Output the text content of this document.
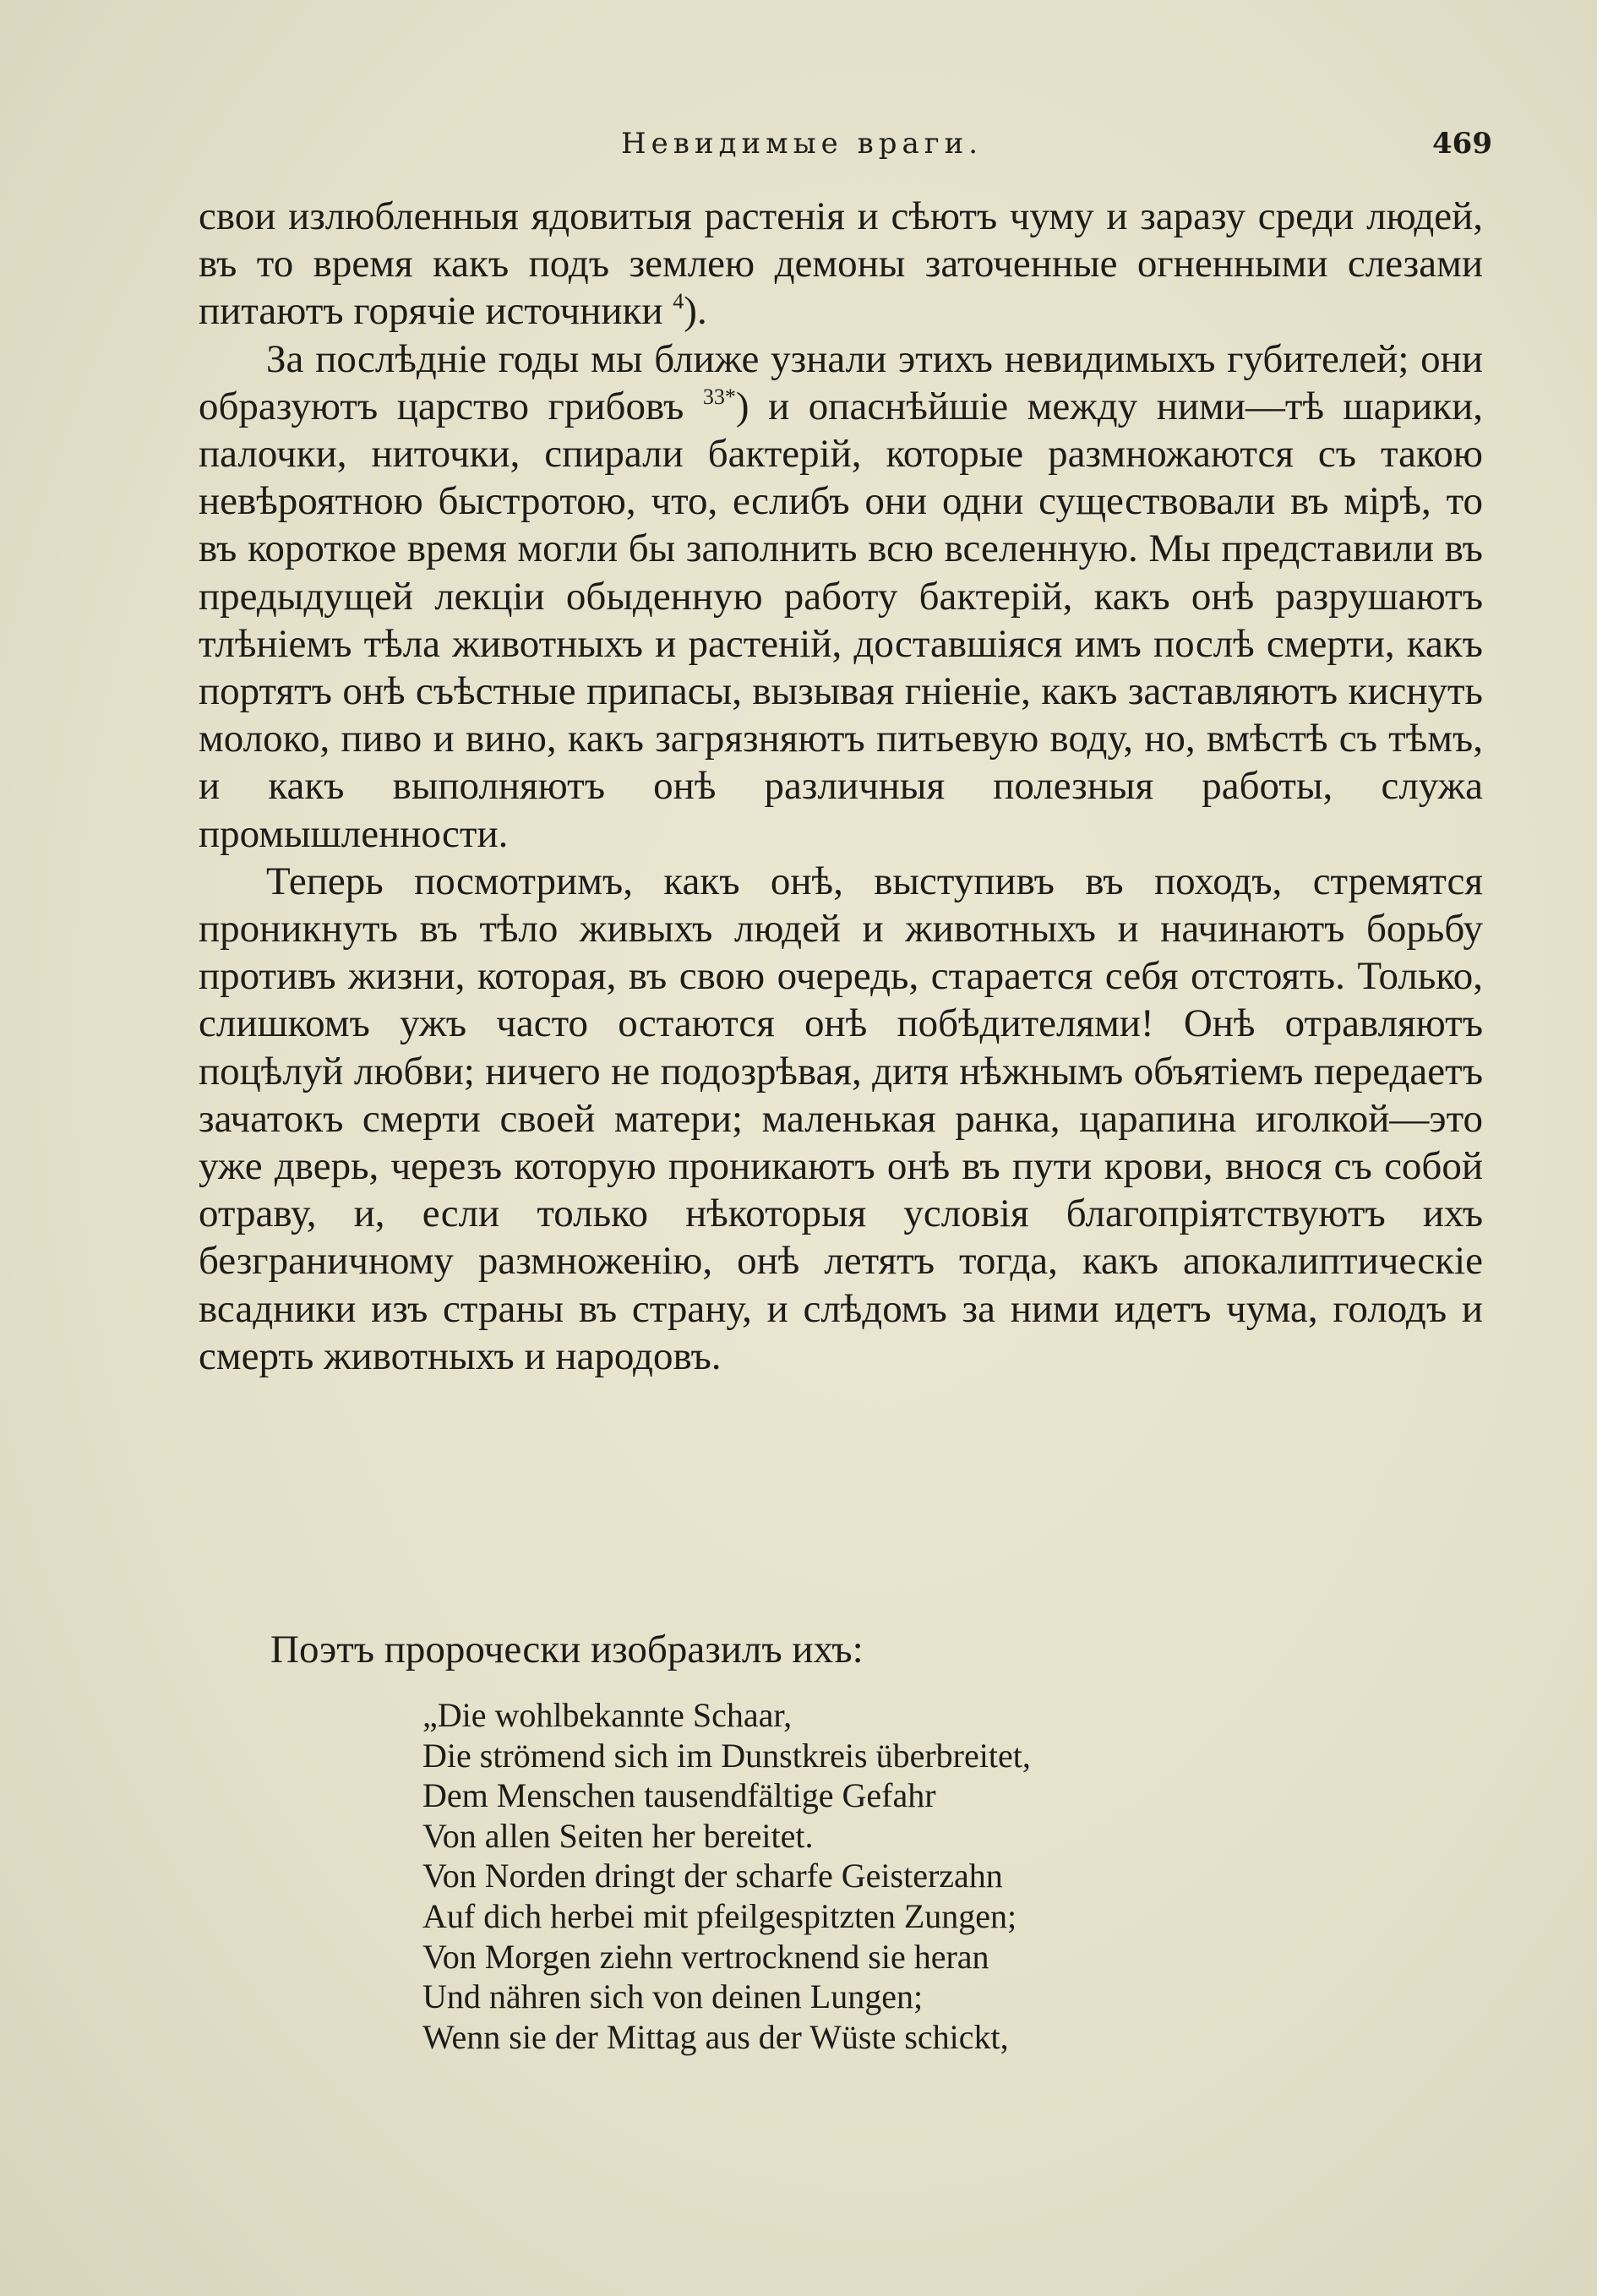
Невидимые враги.	469

свои излюбленныя ядовитыя растенія и сѣютъ чуму и заразу среди людей, въ то время какъ подъ землею демоны заточенные огненными слезами питаютъ горячіе источники $^4$).

За послѣдніе годы мы ближе узнали этихъ невидимыхъ губителей; они образуютъ царство грибовъ $^{33*}$) и опаснѣйшіе между ними—тѣ шарики, палочки, ниточки, спирали бактерій, которые размножаются съ такою невѣроятною быстротою, что, еслибъ они одни существовали въ мірѣ, то въ короткое время могли бы заполнить всю вселенную. Мы представили въ предыдущей лекціи обыденную работу бактерій, какъ онѣ разрушаютъ тлѣніемъ тѣла животныхъ и растеній, доставшіяся имъ послѣ смерти, какъ портятъ онѣ съѣстные припасы, вызывая гніеніе, какъ заставляютъ киснуть молоко, пиво и вино, какъ загрязняютъ питьевую воду, но, вмѣстѣ съ тѣмъ, и какъ выполняютъ онѣ различныя полезныя работы, служа промышленности.

Теперь посмотримъ, какъ онѣ, выступивъ въ походъ, стремятся проникнуть въ тѣло живыхъ людей и животныхъ и начинаютъ борьбу противъ жизни, которая, въ свою очередь, старается себя отстоять. Только, слишкомъ ужъ часто остаются онѣ побѣдителями! Онѣ отравляютъ поцѣлуй любви; ничего не подозрѣвая, дитя нѣжнымъ объятіемъ передаетъ зачатокъ смерти своей матери; маленькая ранка, царапина иголкой—это уже дверь, черезъ которую проникаютъ онѣ въ пути крови, внося съ собой отраву, и, если только нѣкоторыя условія благопріятствуютъ ихъ безграничному размноженію, онѣ летятъ тогда, какъ апокалиптическіе всадники изъ страны въ страну, и слѣдомъ за ними идетъ чума, голодъ и смерть животныхъ и народовъ.

Поэтъ пророчески изобразилъ ихъ:
„Die wohlbekannte Schaar,
Die strömend sich im Dunstkreis überbreitet,
Dem Menschen tausendfältige Gefahr
Von allen Seiten her bereitet.
Von Norden dringt der scharfe Geisterzahn
Auf dich herbei mit pfeilgespitzten Zungen;
Von Morgen ziehn vertrocknend sie heran
Und nähren sich von deinen Lungen;
Wenn sie der Mittag aus der Wüste schickt,
